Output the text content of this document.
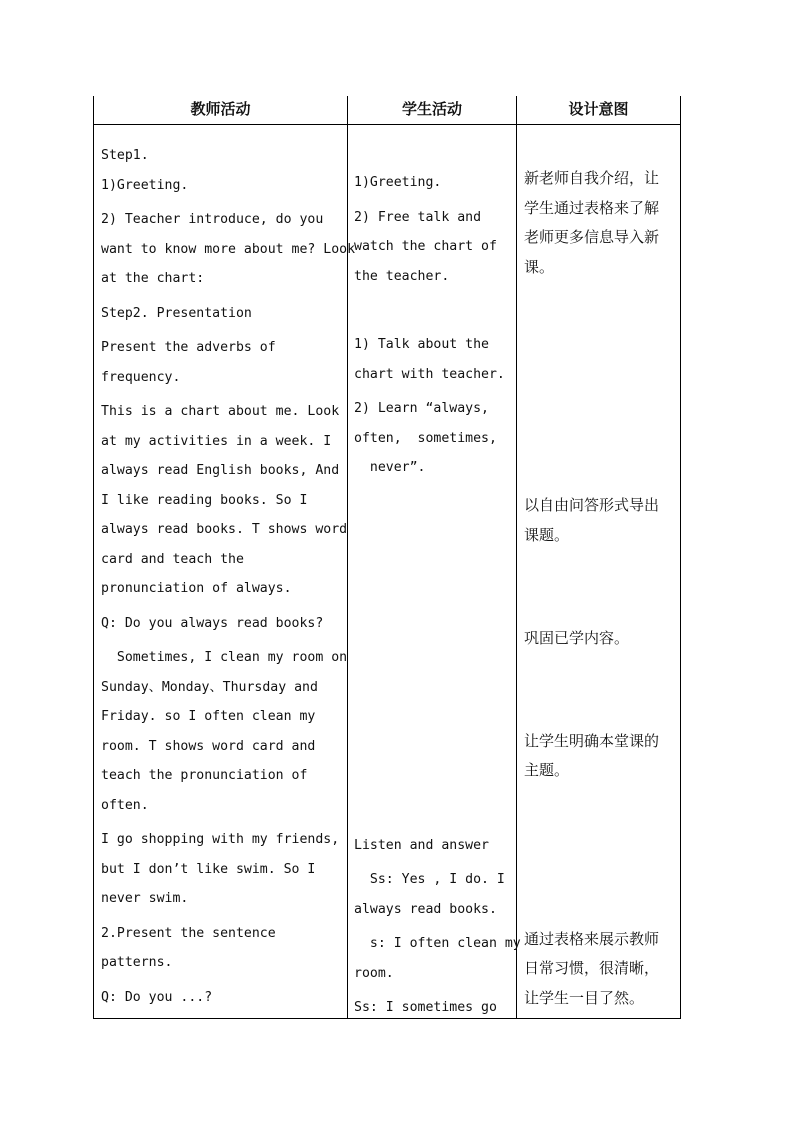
教师活动	学生活动	设计意图

Step1.

1)Greeting.

2) Teacher introduce, do you

want to know more about me? Look

at the chart:

Step2. Presentation

Present the adverbs of

frequency.

This is a chart about me. Look

at my activities in a week. I

always read English books, And

I like reading books. So I

always read books. T shows word

card and teach the

pronunciation of always.

Q: Do you always read books?

Sometimes, I clean my room on

Sunday、Monday、Thursday and

Friday. so I often clean my

room. T shows word card and

teach the pronunciation of

often.

I go shopping with my friends,

but I don’t like swim. So I

never swim.

2.Present the sentence

patterns.

Q: Do you ...?

1)Greeting.

2) Free talk and

watch the chart of

the teacher.

1) Talk about the

chart with teacher.

2) Learn “always,

often,  sometimes,

never”.

Listen and answer

Ss: Yes , I do. I

always read books.

s: I often clean my

room.

Ss: I sometimes go

新老师自我介绍，让

学生通过表格来了解

老师更多信息导入新

课。

以自由问答形式导出

课题。

巩固已学内容。

让学生明确本堂课的

主题。

通过表格来展示教师

日常习惯，很清晰，

让学生一目了然。
